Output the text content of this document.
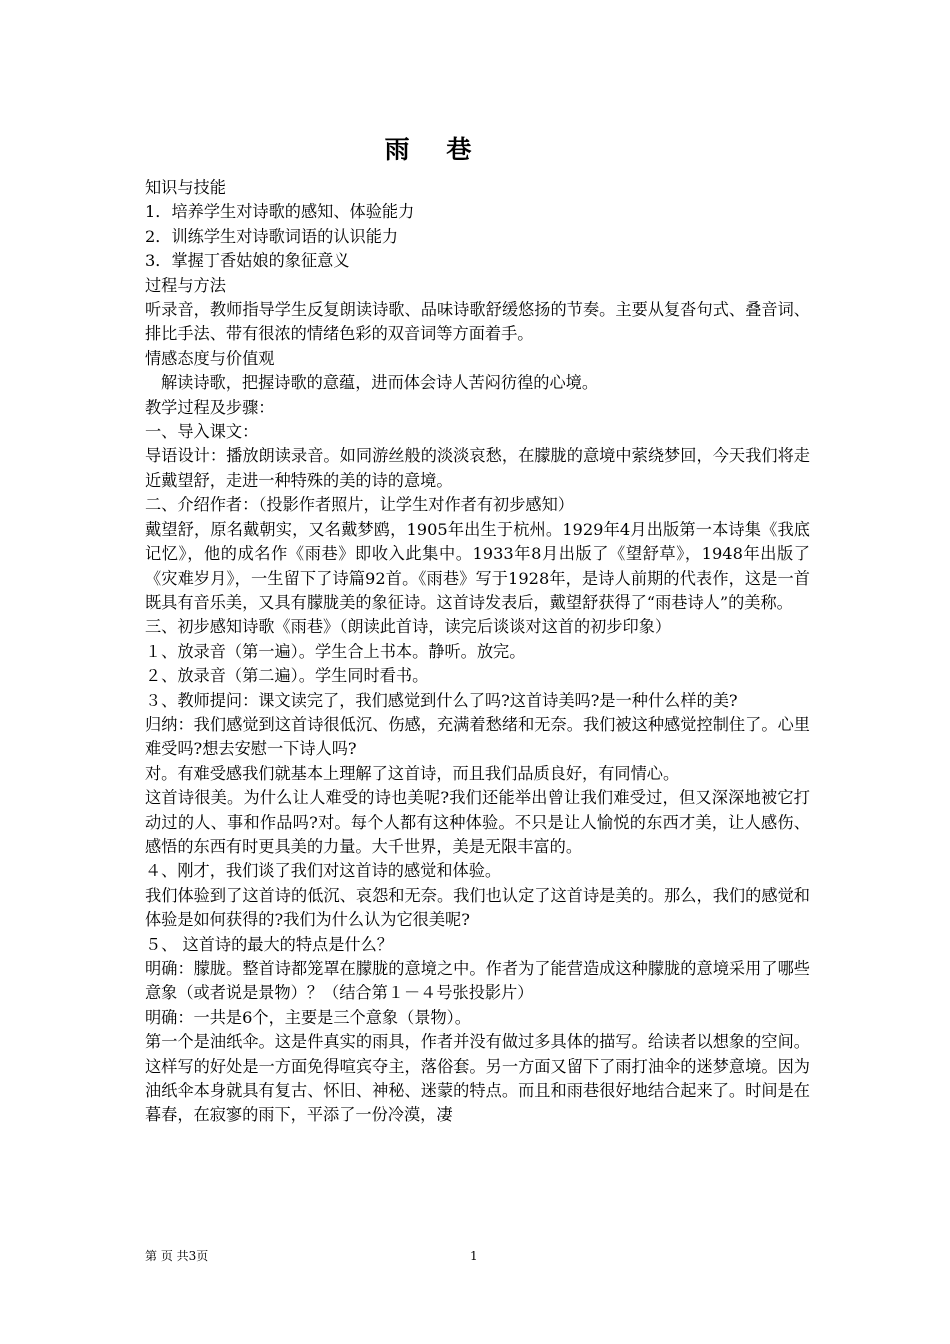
雨 巷

知识与技能

1．培养学生对诗歌的感知、体验能力

2．训练学生对诗歌词语的认识能力

3．掌握丁香姑娘的象征意义

过程与方法

听录音，教师指导学生反复朗读诗歌、品味诗歌舒缓悠扬的节奏。主要从复沓句式、叠音词、排比手法、带有很浓的情绪色彩的双音词等方面着手。

情感态度与价值观

解读诗歌，把握诗歌的意蕴，进而体会诗人苦闷彷徨的心境。

教学过程及步骤：

一、导入课文：

导语设计：播放朗读录音。如同游丝般的淡淡哀愁，在朦胧的意境中萦绕梦回，今天我们将走近戴望舒，走进一种特殊的美的诗的意境。

二、介绍作者：（投影作者照片，让学生对作者有初步感知）

戴望舒，原名戴朝实，又名戴梦鸥，1905年出生于杭州。1929年4月出版第一本诗集《我底记忆》，他的成名作《雨巷》即收入此集中。1933年8月出版了《望舒草》，1948年出版了《灾难岁月》，一生留下了诗篇92首。《雨巷》写于1928年，是诗人前期的代表作，这是一首既具有音乐美，又具有朦胧美的象征诗。这首诗发表后，戴望舒获得了“雨巷诗人”的美称。

三、初步感知诗歌《雨巷》（朗读此首诗，读完后谈谈对这首的初步印象）

１、放录音（第一遍）。学生合上书本。静听。放完。

２、放录音（第二遍）。学生同时看书。

３、教师提问：课文读完了，我们感觉到什么了吗?这首诗美吗?是一种什么样的美?

归纳：我们感觉到这首诗很低沉、伤感，充满着愁绪和无奈。我们被这种感觉控制住了。心里难受吗?想去安慰一下诗人吗?

对。有难受感我们就基本上理解了这首诗，而且我们品质良好，有同情心。

这首诗很美。为什么让人难受的诗也美呢?我们还能举出曾让我们难受过，但又深深地被它打动过的人、事和作品吗?对。每个人都有这种体验。不只是让人愉悦的东西才美，让人感伤、感悟的东西有时更具美的力量。大千世界，美是无限丰富的。

４、刚才，我们谈了我们对这首诗的感觉和体验。

我们体验到了这首诗的低沉、哀怨和无奈。我们也认定了这首诗是美的。那么，我们的感觉和体验是如何获得的?我们为什么认为它很美呢?

５、 这首诗的最大的特点是什么？

明确：朦胧。整首诗都笼罩在朦胧的意境之中。作者为了能营造成这种朦胧的意境采用了哪些意象（或者说是景物）？（结合第１－４号张投影片）

明确：一共是6个，主要是三个意象（景物）。

第一个是油纸伞。这是件真实的雨具，作者并没有做过多具体的描写。给读者以想象的空间。这样写的好处是一方面免得喧宾夺主，落俗套。另一方面又留下了雨打油伞的迷梦意境。因为油纸伞本身就具有复古、怀旧、神秘、迷蒙的特点。而且和雨巷很好地结合起来了。时间是在暮春，在寂寥的雨下，平添了一份冷漠，凄

第 页 共3页	1
